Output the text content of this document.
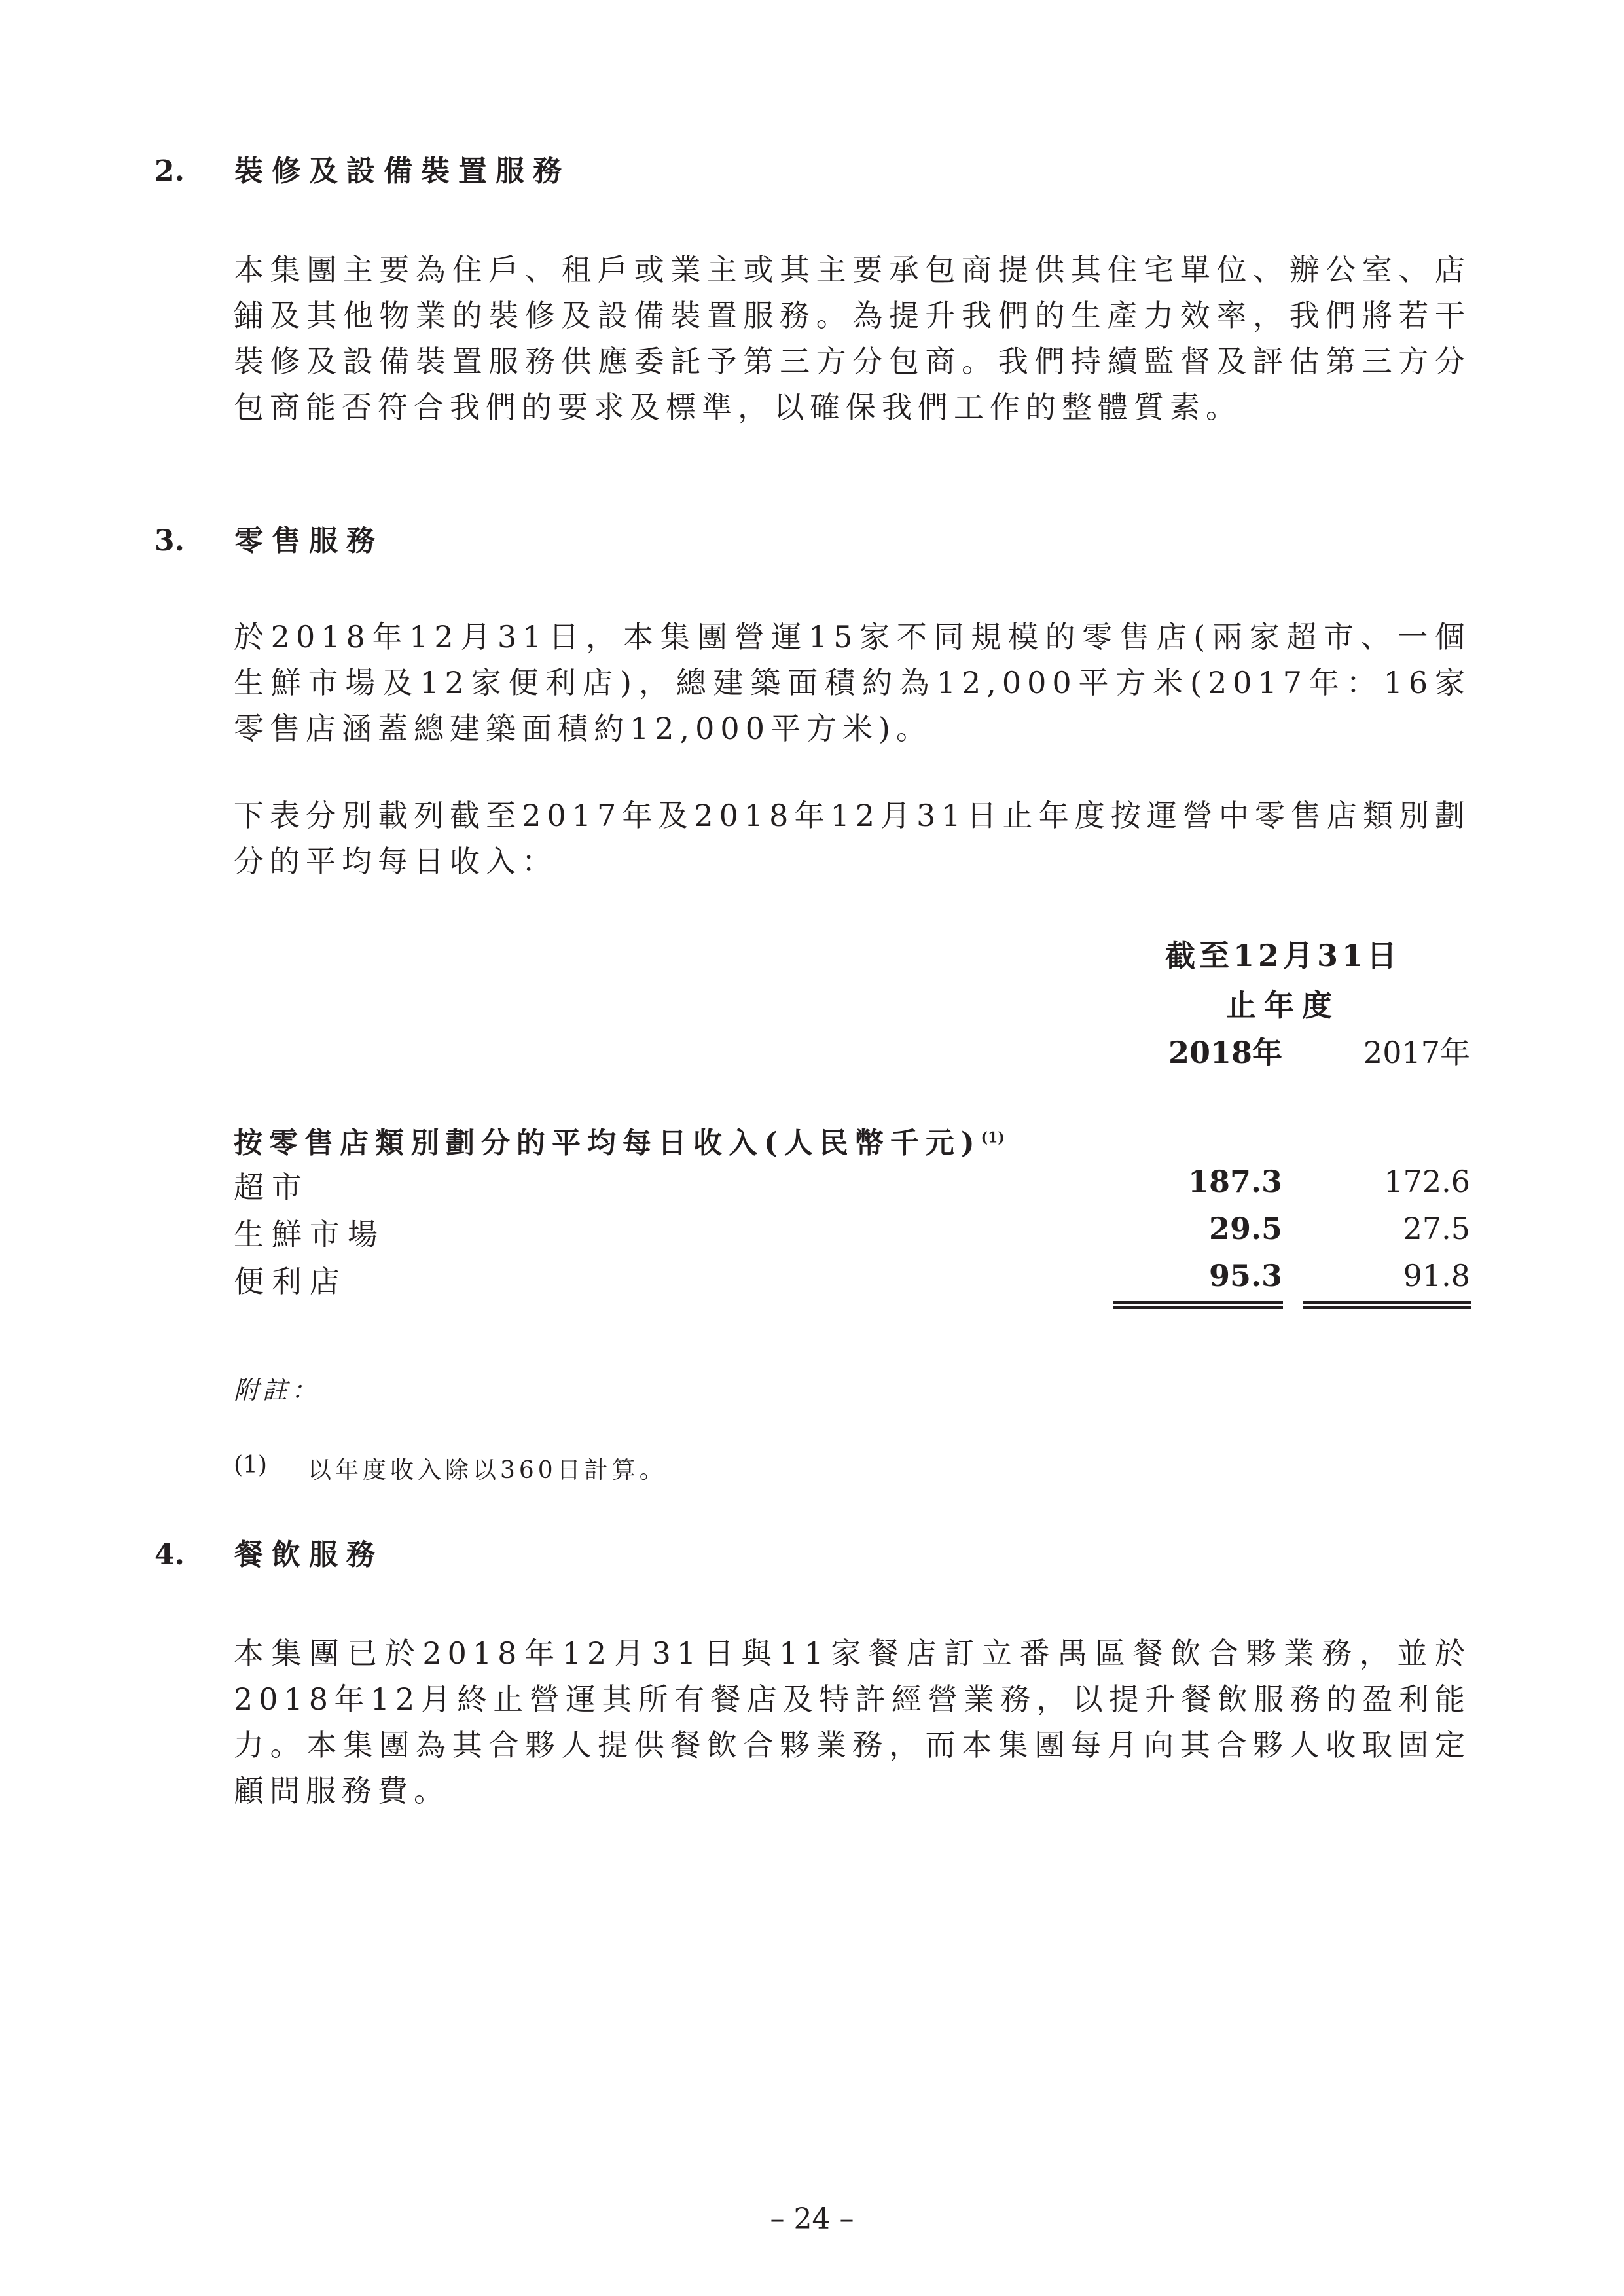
2. 裝修及設備裝置服務

本集團主要為住戶、租戶或業主或其主要承包商提供其住宅單位、辦公室、店鋪及其他物業的裝修及設備裝置服務。為提升我們的生產力效率，我們將若干裝修及設備裝置服務供應委託予第三方分包商。我們持續監督及評估第三方分包商能否符合我們的要求及標準，以確保我們工作的整體質素。

3. 零售服務

於2018年12月31日，本集團營運15家不同規模的零售店(兩家超市、一個生鮮市場及12家便利店)，總建築面積約為12,000平方米(2017年：16家零售店涵蓋總建築面積約12,000平方米)。

下表分別載列截至2017年及2018年12月31日止年度按運營中零售店類別劃分的平均每日收入：

截至12月31日
止年度
2018年	2017年
按零售店類別劃分的平均每日收入(人民幣千元)$^{(1)}$
超市	187.3	172.6
生鮮市場	29.5	27.5
便利店	95.3	91.8
附註：
(1) 以年度收入除以360日計算。
4. 餐飲服務

本集團已於2018年12月31日與11家餐店訂立番禺區餐飲合夥業務，並於2018年12月終止營運其所有餐店及特許經營業務，以提升餐飲服務的盈利能力。本集團為其合夥人提供餐飲合夥業務，而本集團每月向其合夥人收取固定顧問服務費。

– 24 –
